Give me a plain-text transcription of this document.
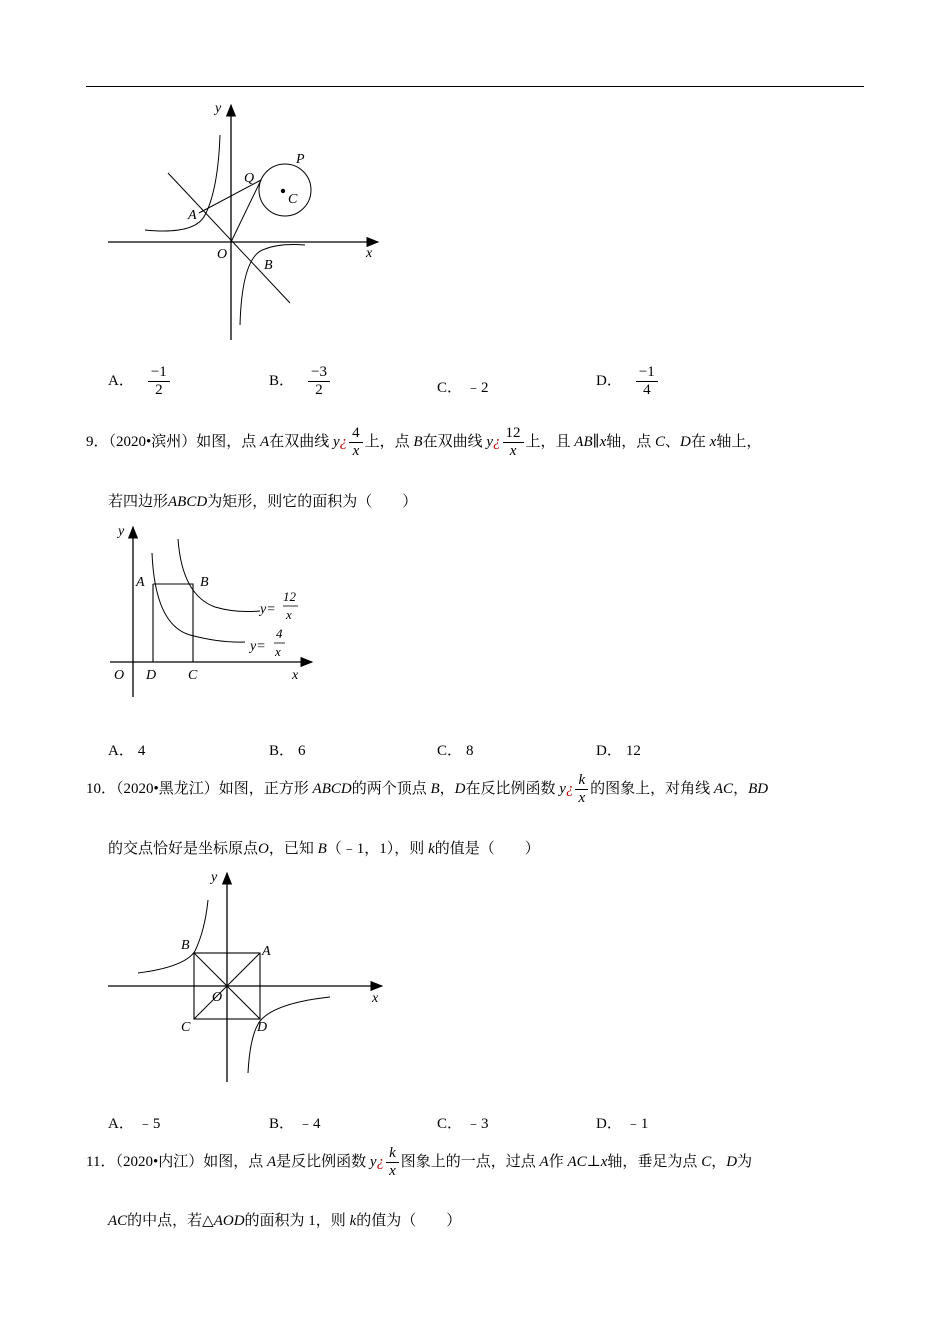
y
x
O
A
B
C
P
Q
A． $\frac{-1}{2}$	B． $\frac{-3}{2}$	C． ﹣2	D． $\frac{-1}{4}$
9．（2020•滨州）如图，点 A在双曲线 y¿ $\frac{4}{x}$ 上，点 B在双曲线 y¿ $\frac{12}{x}$ 上，且 AB∥x轴，点 C、D在 x轴上，
若四边形ABCD为矩形，则它的面积为（　　）
y
x
O D C
A	B
y=
12
x
y=
4
x
A． 4	B． 6	C． 8	D． 12
10．（2020•黑龙江）如图，正方形 ABCD的两个顶点 B，D在反比例函数 y¿ $\frac{k}{x}$ 的图象上，对角线 AC，BD
的交点恰好是坐标原点O，已知 B（﹣1，1），则 k的值是（　　）
y
x
O
B	A
C	D
A． ﹣5	B． ﹣4	C． ﹣3	D． ﹣1
11．（2020•内江）如图，点 A是反比例函数 y¿ $\frac{k}{x}$ 图象上的一点，过点 A作 AC⊥x轴，垂足为点 C，D为
AC的中点，若△AOD的面积为 1，则 k的值为（　　）
